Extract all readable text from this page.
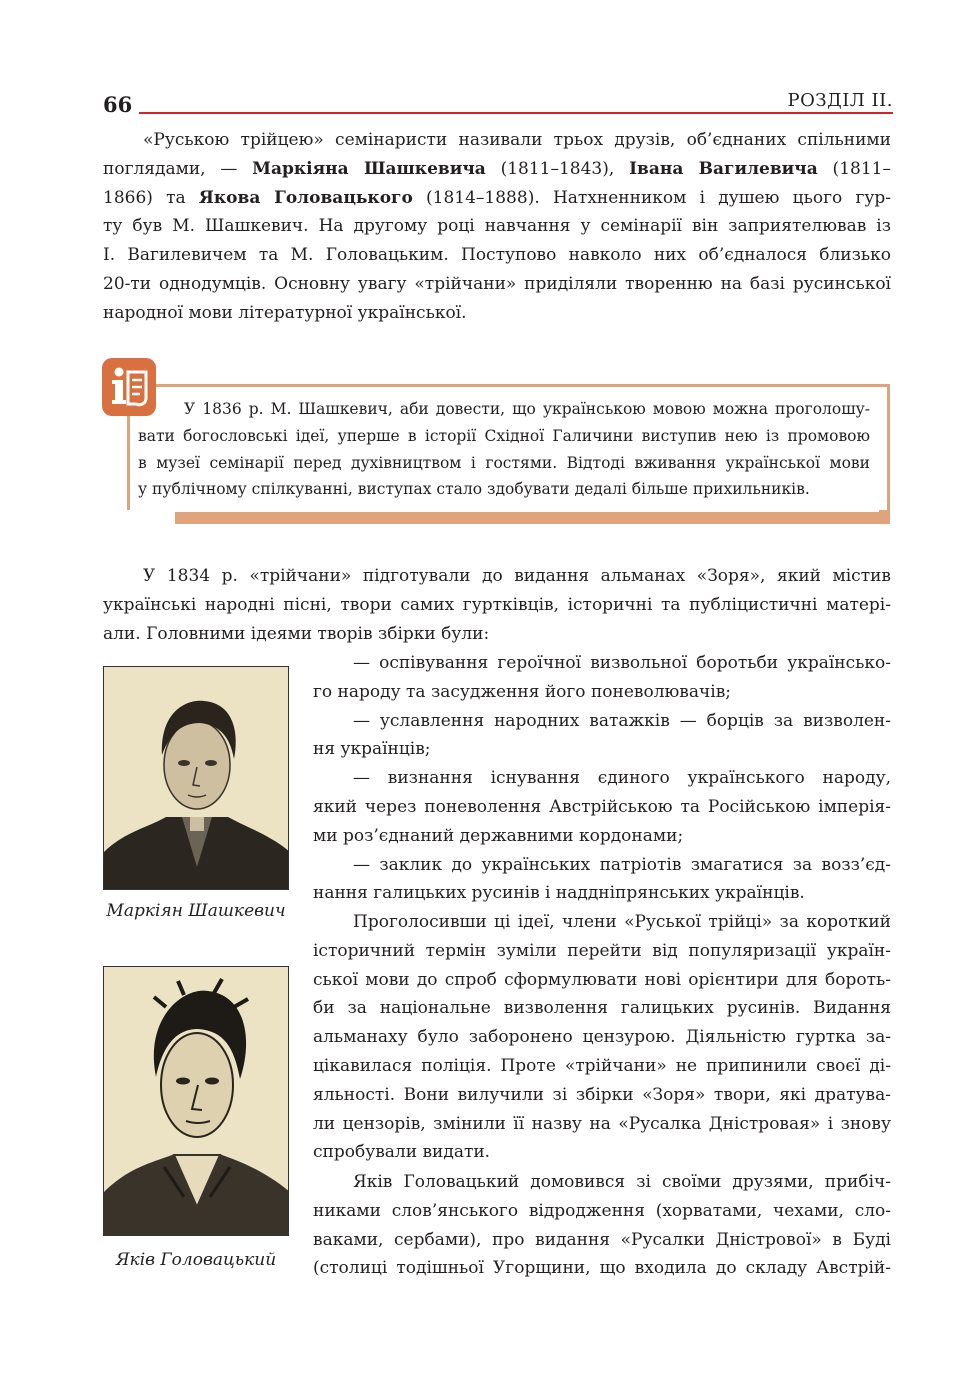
66	РОЗДІЛ ІІ.
«Руською трійцею» семінаристи називали трьох друзів, об’єднаних спільними
поглядами, — Маркіяна Шашкевича (1811–1843), Івана Вагилевича (1811–
1866) та Якова Головацького (1814–1888). Натхненником і душею цього гур-
ту був М. Шашкевич. На другому році навчання у семінарії він заприятелював із
І. Вагилевичем та М. Головацьким. Поступово навколо них об’єдналося близько
20-ти однодумців. Основну увагу «трійчани» приділяли творенню на базі русинської
народної мови літературної української.
У 1836 р. М. Шашкевич, аби довести, що українською мовою можна проголошу-
вати богословські ідеї, уперше в історії Східної Галичини виступив нею із промовою
в музеї семінарії перед духівництвом і гостями. Відтоді вживання української мови
у публічному спілкуванні, виступах стало здобувати дедалі більше прихильників.
У 1834 р. «трійчани» підготували до видання альманах «Зоря», який містив
українські народні пісні, твори самих гуртківців, історичні та публіцистичні матері-
али. Головними ідеями творів збірки були:
— оспівування героїчної визвольної боротьби українсько-
го народу та засудження його поневолювачів;
— уславлення народних ватажків — борців за визволен-
ня українців;
— визнання існування єдиного українського народу,
який через поневолення Австрійською та Російською імперія-
ми роз’єднаний державними кордонами;
— заклик до українських патріотів змагатися за возз’єд-
нання галицьких русинів і наддніпрянських українців.
Проголосивши ці ідеї, члени «Руської трійці» за короткий
історичний термін зуміли перейти від популяризації україн-
ської мови до спроб сформулювати нові орієнтири для бороть-
би за національне визволення галицьких русинів. Видання
альманаху було заборонено цензурою. Діяльністю гуртка за-
цікавилася поліція. Проте «трійчани» не припинили своєї ді-
яльності. Вони вилучили зі збірки «Зоря» твори, які дратува-
ли цензорів, змінили її назву на «Русалка Дністровая» і знову
спробували видати.
Яків Головацький домовився зі своїми друзями, прибіч-
никами слов’янського відродження (хорватами, чехами, сло-
ваками, сербами), про видання «Русалки Дністрової» в Буді
(столиці тодішньої Угорщини, що входила до складу Австрій-
Маркіян Шашкевич
Яків Головацький
